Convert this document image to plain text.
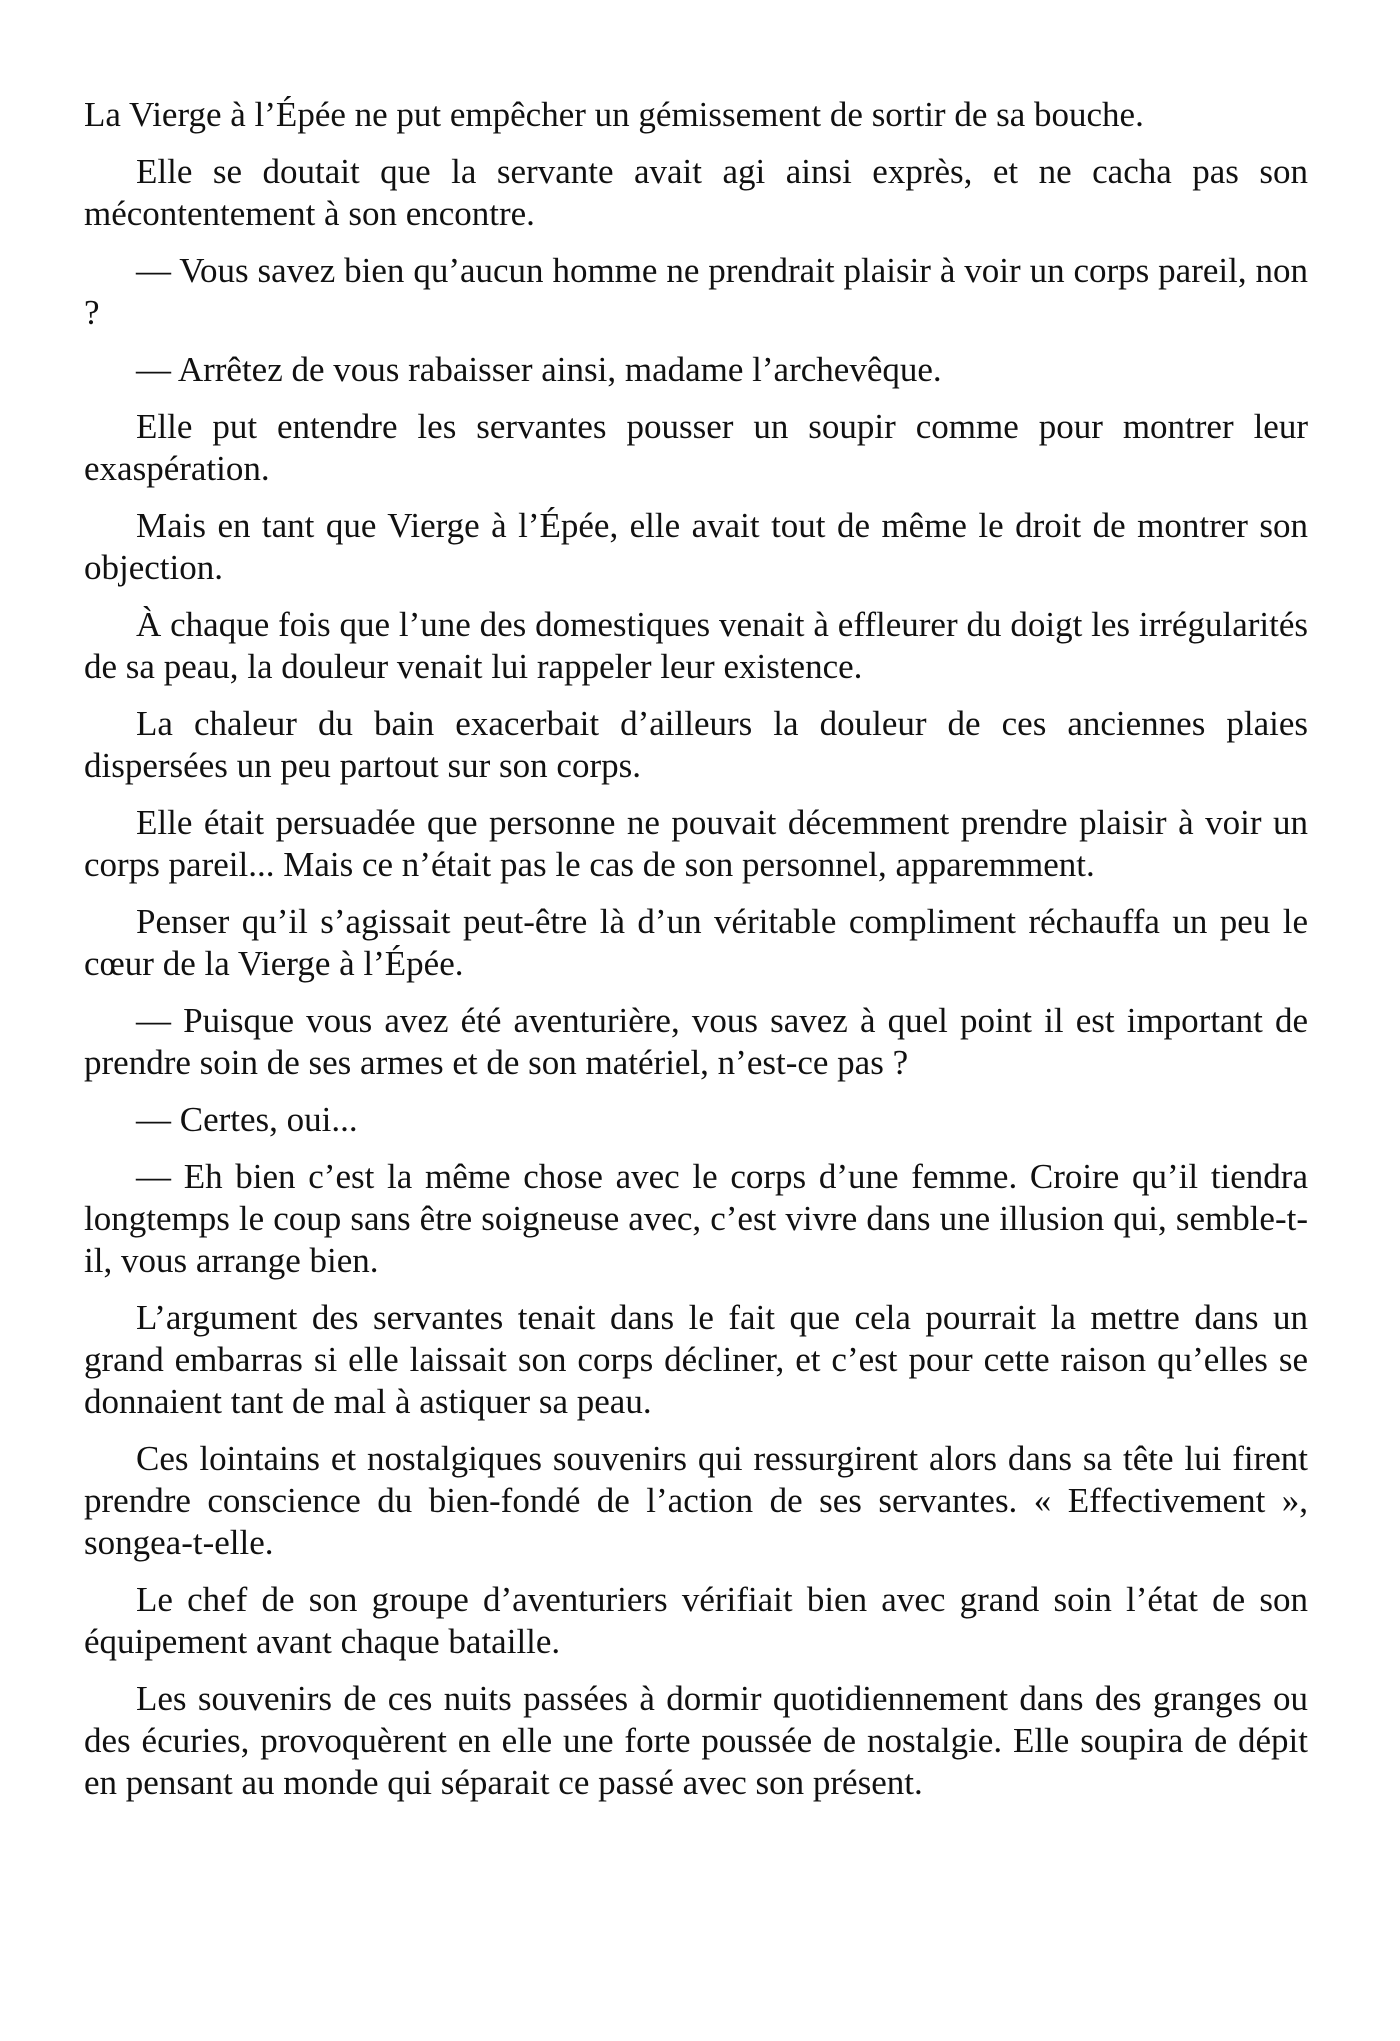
La Vierge à l’Épée ne put empêcher un gémissement de sortir de sa bouche.

Elle se doutait que la servante avait agi ainsi exprès, et ne cacha pas son mécontentement à son encontre.

— Vous savez bien qu’aucun homme ne prendrait plaisir à voir un corps pareil, non ?

— Arrêtez de vous rabaisser ainsi, madame l’archevêque.

Elle put entendre les servantes pousser un soupir comme pour montrer leur exaspération.

Mais en tant que Vierge à l’Épée, elle avait tout de même le droit de montrer son objection.

À chaque fois que l’une des domestiques venait à effleurer du doigt les irrégularités de sa peau, la douleur venait lui rappeler leur existence.

La chaleur du bain exacerbait d’ailleurs la douleur de ces anciennes plaies dispersées un peu partout sur son corps.

Elle était persuadée que personne ne pouvait décemment prendre plaisir à voir un corps pareil... Mais ce n’était pas le cas de son personnel, apparemment.

Penser qu’il s’agissait peut-être là d’un véritable compliment réchauffa un peu le cœur de la Vierge à l’Épée.

— Puisque vous avez été aventurière, vous savez à quel point il est important de prendre soin de ses armes et de son matériel, n’est-ce pas ?

— Certes, oui...

— Eh bien c’est la même chose avec le corps d’une femme. Croire qu’il tiendra longtemps le coup sans être soigneuse avec, c’est vivre dans une illusion qui, semble-t-il, vous arrange bien.

L’argument des servantes tenait dans le fait que cela pourrait la mettre dans un grand embarras si elle laissait son corps décliner, et c’est pour cette raison qu’elles se donnaient tant de mal à astiquer sa peau.

Ces lointains et nostalgiques souvenirs qui ressurgirent alors dans sa tête lui firent prendre conscience du bien-fondé de l’action de ses servantes. « Effectivement », songea-t-elle.

Le chef de son groupe d’aventuriers vérifiait bien avec grand soin l’état de son équipement avant chaque bataille.

Les souvenirs de ces nuits passées à dormir quotidiennement dans des granges ou des écuries, provoquèrent en elle une forte poussée de nostalgie. Elle soupira de dépit en pensant au monde qui séparait ce passé avec son présent.
